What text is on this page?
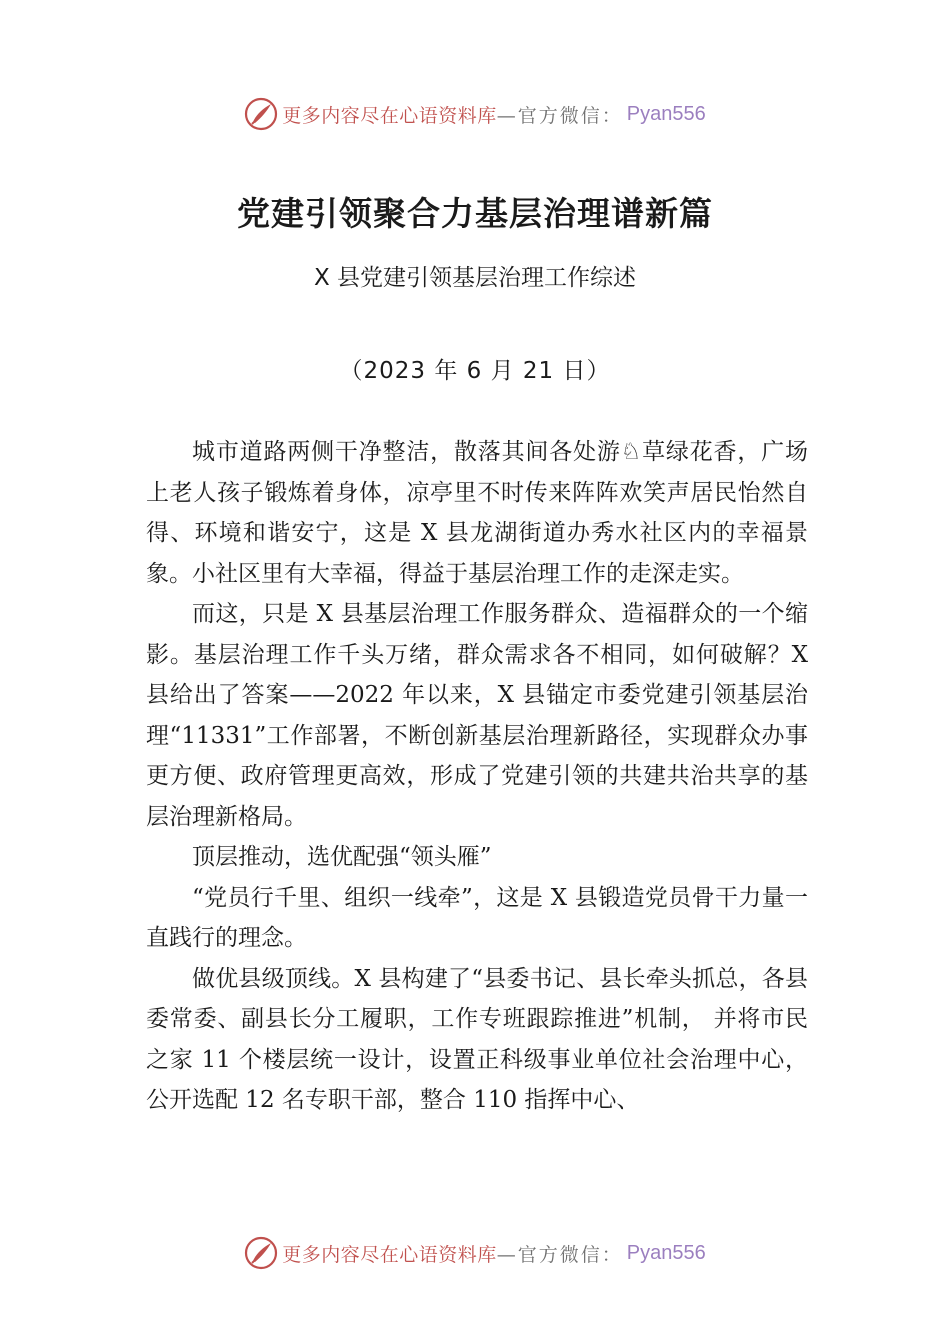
更多内容尽在心语资料库 —官方微信： Pyan556
党建引领聚合力基层治理谱新篇
X 县党建引领基层治理工作综述
（2023 年 6 月 21 日）

城市道路两侧干净整洁，散落其间各处游♘草绿花香，广场上老人孩子锻炼着身体，凉亭里不时传来阵阵欢笑声居民怡然自得、环境和谐安宁，这是 X 县龙湖街道办秀水社区内的幸福景象。小社区里有大幸福，得益于基层治理工作的走深走实。

而这，只是 X 县基层治理工作服务群众、造福群众的一个缩影。基层治理工作千头万绪，群众需求各不相同，如何破解？X 县给出了答案——2022 年以来，X 县锚定市委党建引领基层治理“11331”工作部署，不断创新基层治理新路径，实现群众办事更方便、政府管理更高效，形成了党建引领的共建共治共享的基层治理新格局。

顶层推动，选优配强“领头雁”

“党员行千里、组织一线牵”，这是 X 县锻造党员骨干力量一直践行的理念。

做优县级顶线。X 县构建了“县委书记、县长牵头抓总，各县委常委、副县长分工履职，工作专班跟踪推进”机制， 并将市民之家 11 个楼层统一设计，设置正科级事业单位社会治理中心，公开选配 12 名专职干部，整合 110 指挥中心、

更多内容尽在心语资料库 —官方微信： Pyan556
